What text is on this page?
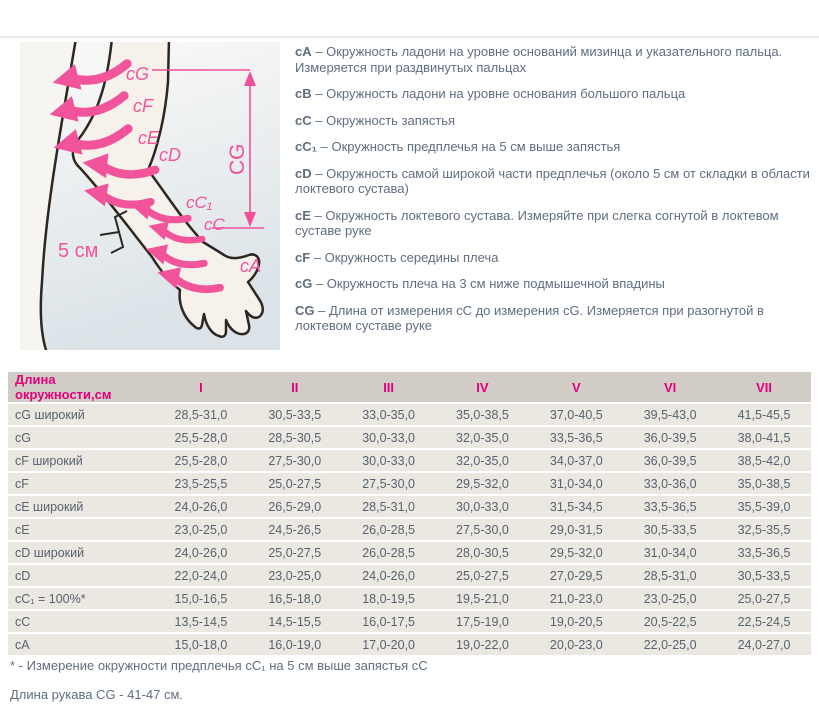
cG
cF
cE
cD
cC₁
cC
cA
CG
5 см

cA – Окружность ладони на уровне оснований мизинца и указательного пальца. Измеряется при раздвинутых пальцах

cB – Окружность ладони на уровне основания большого пальца

cC – Окружность запястья

cC₁ – Окружность предплечья на 5 см выше запястья

cD – Окружность самой широкой части предплечья (около 5 см от складки в области локтевого сустава)

cE – Окружность локтевого сустава. Измеряйте при слегка согнутой в локтевом суставе руке

cF – Окружность середины плеча

cG – Окружность плеча на 3 см ниже подмышечной впадины

CG – Длина от измерения cC до измерения cG. Измеряется при разогнутой в локтевом суставе руке

Длина окружности,см	I	II	III	IV	V	VI	VII
cG широкий	28,5-31,0	30,5-33,5	33,0-35,0	35,0-38,5	37,0-40,5	39,5-43,0	41,5-45,5
cG	25,5-28,0	28,5-30,5	30,0-33,0	32,0-35,0	33,5-36,5	36,0-39,5	38,0-41,5
cF широкий	25,5-28,0	27,5-30,0	30,0-33,0	32,0-35,0	34,0-37,0	36,0-39,5	38,5-42,0
cF	23,5-25,5	25,0-27,5	27,5-30,0	29,5-32,0	31,0-34,0	33,0-36,0	35,0-38,5
cE широкий	24,0-26,0	26,5-29,0	28,5-31,0	30,0-33,0	31,5-34,5	33,5-36,5	35,5-39,0
cE	23,0-25,0	24,5-26,5	26,0-28,5	27,5-30,0	29,0-31,5	30,5-33,5	32,5-35,5
cD широкий	24,0-26,0	25,0-27,5	26,0-28,5	28,0-30,5	29,5-32,0	31,0-34,0	33,5-36,5
cD	22,0-24,0	23,0-25,0	24,0-26,0	25,0-27,5	27,0-29,5	28,5-31,0	30,5-33,5
cC₁ = 100%*	15,0-16,5	16,5-18,0	18,0-19,5	19,5-21,0	21,0-23,0	23,0-25,0	25,0-27,5
cC	13,5-14,5	14,5-15,5	16,0-17,5	17,5-19,0	19,0-20,5	20,5-22,5	22,5-24,5
cA	15,0-18,0	16,0-19,0	17,0-20,0	19,0-22,0	20,0-23,0	22,0-25,0	24,0-27,0

* - Измерение окружности предплечья cC₁ на 5 см выше запястья cC

Длина рукава CG - 41-47 см.
